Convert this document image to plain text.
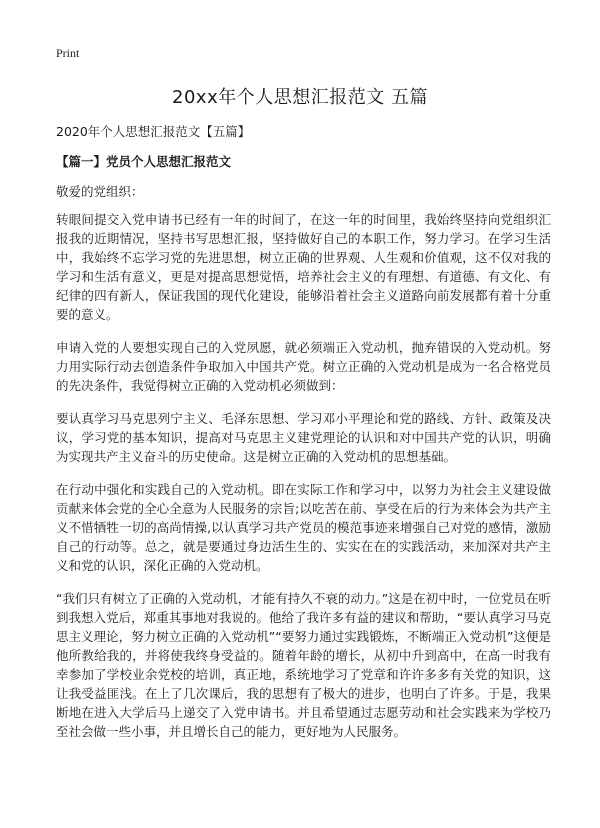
Print
20xx年个人思想汇报范文 五篇

2020年个人思想汇报范文【五篇】

【篇一】党员个人思想汇报范文

敬爱的党组织：

转眼间提交入党申请书已经有一年的时间了，在这一年的时间里，我始终坚持向党组织汇报我的近期情况，坚持书写思想汇报，坚持做好自己的本职工作，努力学习。在学习生活中，我始终不忘学习党的先进思想，树立正确的世界观、人生观和价值观，这不仅对我的学习和生活有意义，更是对提高思想觉悟，培养社会主义的有理想、有道德、有文化、有纪律的四有新人，保证我国的现代化建设，能够沿着社会主义道路向前发展都有着十分重要的意义。

申请入党的人要想实现自己的入党夙愿，就必须端正入党动机，抛弃错误的入党动机。努力用实际行动去创造条件争取加入中国共产党。树立正确的入党动机是成为一名合格党员的先决条件，我觉得树立正确的入党动机必须做到：

要认真学习马克思列宁主义、毛泽东思想、学习邓小平理论和党的路线、方针、政策及决议，学习党的基本知识，提高对马克思主义建党理论的认识和对中国共产党的认识，明确为实现共产主义奋斗的历史使命。这是树立正确的入党动机的思想基础。

在行动中强化和实践自己的入党动机。即在实际工作和学习中，以努力为社会主义建设做贡献来体会党的全心全意为人民服务的宗旨;以吃苦在前、享受在后的行为来体会为共产主义不惜牺牲一切的高尚情操,以认真学习共产党员的模范事迹来增强自己对党的感情，激励自己的行动等。总之，就是要通过身边活生生的、实实在在的实践活动，来加深对共产主义和党的认识，深化正确的入党动机。

“我们只有树立了正确的入党动机，才能有持久不衰的动力。”这是在初中时，一位党员在听到我想入党后，郑重其事地对我说的。他给了我许多有益的建议和帮助，“要认真学习马克思主义理论，努力树立正确的入党动机”“要努力通过实践锻炼，不断端正入党动机”这便是他所教给我的，并将使我终身受益的。随着年龄的增长，从初中升到高中，在高一时我有幸参加了学校业余党校的培训，真正地，系统地学习了党章和许许多多有关党的知识，这让我受益匪浅。在上了几次课后，我的思想有了极大的进步，也明白了许多。于是，我果断地在进入大学后马上递交了入党申请书。并且希望通过志愿劳动和社会实践来为学校乃至社会做一些小事，并且增长自己的能力，更好地为人民服务。
